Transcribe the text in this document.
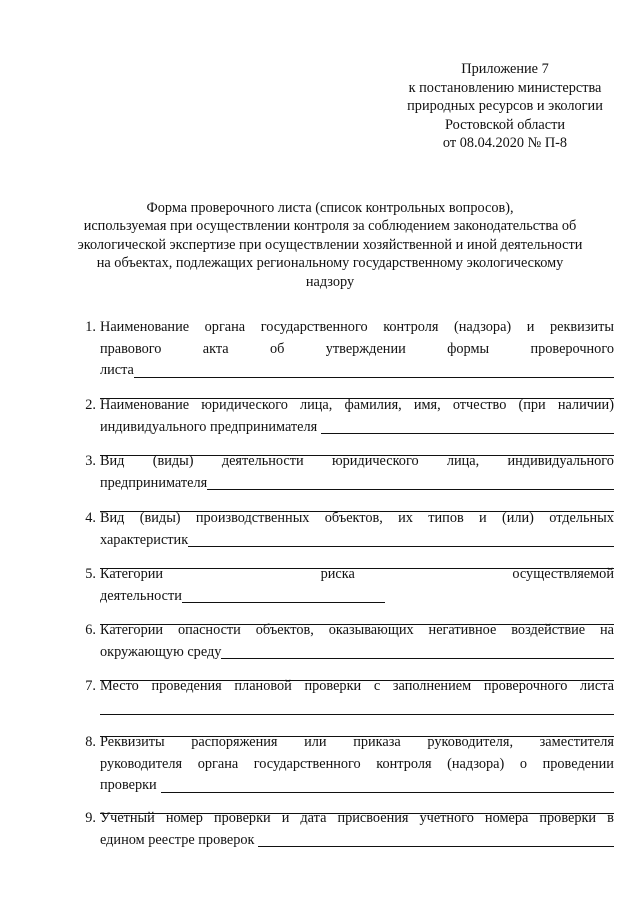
Приложение 7
к постановлению министерства
природных ресурсов и экологии
Ростовской области
от 08.04.2020 № П-8
Форма проверочного листа (список контрольных вопросов),
используемая при осуществлении контроля за соблюдением законодательства об
экологической экспертизе при осуществлении хозяйственной и иной деятельности
на объектах, подлежащих региональному государственному экологическому
надзору
1. Наименование органа государственного контроля (надзора) и реквизиты
правового	акта	об	утверждении	формы	проверочного
листа
2. Наименование юридического лица, фамилия, имя, отчество (при наличии)
индивидуального предпринимателя
3. Вид (виды) деятельности юридического лица, индивидуального
предпринимателя
4. Вид (виды) производственных объектов, их типов и (или) отдельных
характеристик
5. Категории	риска	осуществляемой
деятельности
6. Категории опасности объектов, оказывающих негативное воздействие на
окружающую среду
7. Место проведения плановой проверки с заполнением проверочного листа
8. Реквизиты распоряжения или приказа руководителя, заместителя
руководителя органа государственного контроля (надзора) о проведении
проверки
9. Учетный номер проверки и дата присвоения учетного номера проверки в
едином реестре проверок
